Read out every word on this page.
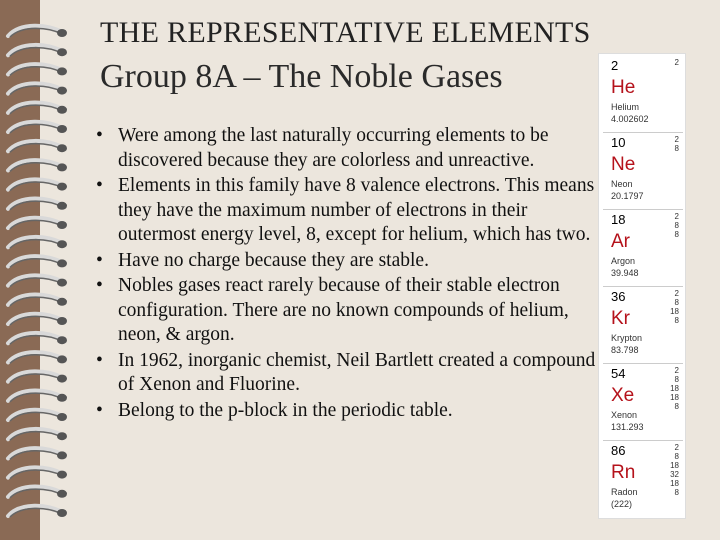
THE REPRESENTATIVE ELEMENTS
Group 8A – The Noble Gases
• Were among the last naturally occurring elements to be discovered because they are colorless and unreactive.
• Elements in this family have 8 valence electrons. This means they have the maximum number of electrons in their outermost energy level, 8, except for helium, which has two.
• Have no charge because they are stable.
• Nobles gases react rarely because of their stable electron configuration. There are no known compounds of helium, neon, & argon.
• In 1962, inorganic chemist, Neil Bartlett created a compound of Xenon and Fluorine.
• Belong to the p-block in the periodic table.
2
He
Helium
4.002602
2
10
Ne
Neon
20.1797
2
8
18
Ar
Argon
39.948
2
8
8
36
Kr
Krypton
83.798
2
8
18
8
54
Xe
Xenon
131.293
2
8
18
18
8
86
Rn
Radon
(222)
2
8
18
32
18
8
